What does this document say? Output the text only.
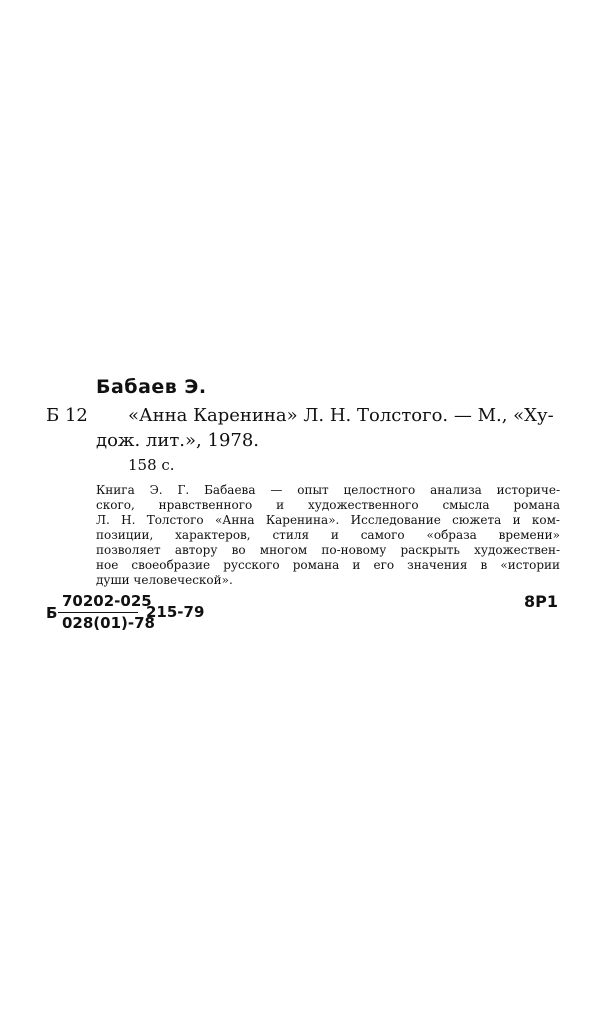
Бабаев Э.
Б 12 «Анна Каренина» Л. Н. Толстого. — М., «Ху-
дож. лит.», 1978.
158 с.
Книга Э. Г. Бабаева — опыт целостного анализа историче-
ского, нравственного и художественного смысла романа
Л. Н. Толстого «Анна Каренина». Исследование сюжета и ком-
позиции, характеров, стиля и самого «образа времени»
позволяет автору во многом по-новому раскрыть художествен-
ное своеобразие русского романа и его значения в «истории
души человеческой».
Б
70202-025
028(01)-78
215-79
8Р1
